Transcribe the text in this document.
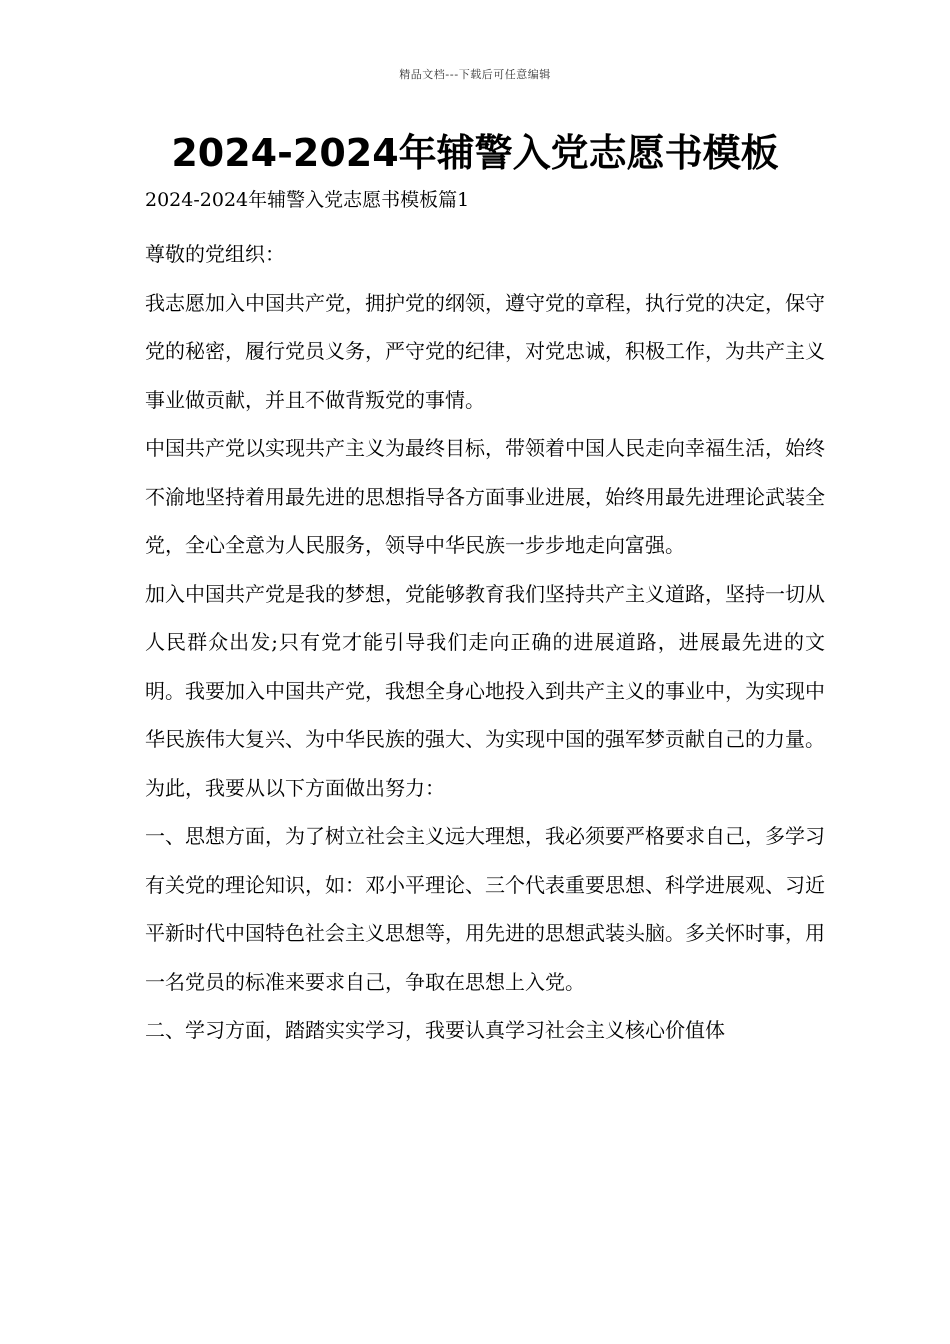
精品文档---下载后可任意编辑
2024-2024年辅警入党志愿书模板
2024-2024年辅警入党志愿书模板篇1

尊敬的党组织：

我志愿加入中国共产党，拥护党的纲领，遵守党的章程，执行党的决定，保守党的秘密，履行党员义务，严守党的纪律，对党忠诚，积极工作，为共产主义事业做贡献，并且不做背叛党的事情。

中国共产党以实现共产主义为最终目标，带领着中国人民走向幸福生活，始终不渝地坚持着用最先进的思想指导各方面事业进展，始终用最先进理论武装全党，全心全意为人民服务，领导中华民族一步步地走向富强。

加入中国共产党是我的梦想，党能够教育我们坚持共产主义道路，坚持一切从人民群众出发;只有党才能引导我们走向正确的进展道路，进展最先进的文明。我要加入中国共产党，我想全身心地投入到共产主义的事业中，为实现中华民族伟大复兴、为中华民族的强大、为实现中国的强军梦贡献自己的力量。为此，我要从以下方面做出努力：

一、思想方面，为了树立社会主义远大理想，我必须要严格要求自己，多学习有关党的理论知识，如：邓小平理论、三个代表重要思想、科学进展观、习近平新时代中国特色社会主义思想等，用先进的思想武装头脑。多关怀时事，用一名党员的标准来要求自己，争取在思想上入党。

二、学习方面，踏踏实实学习，我要认真学习社会主义核心价值体
